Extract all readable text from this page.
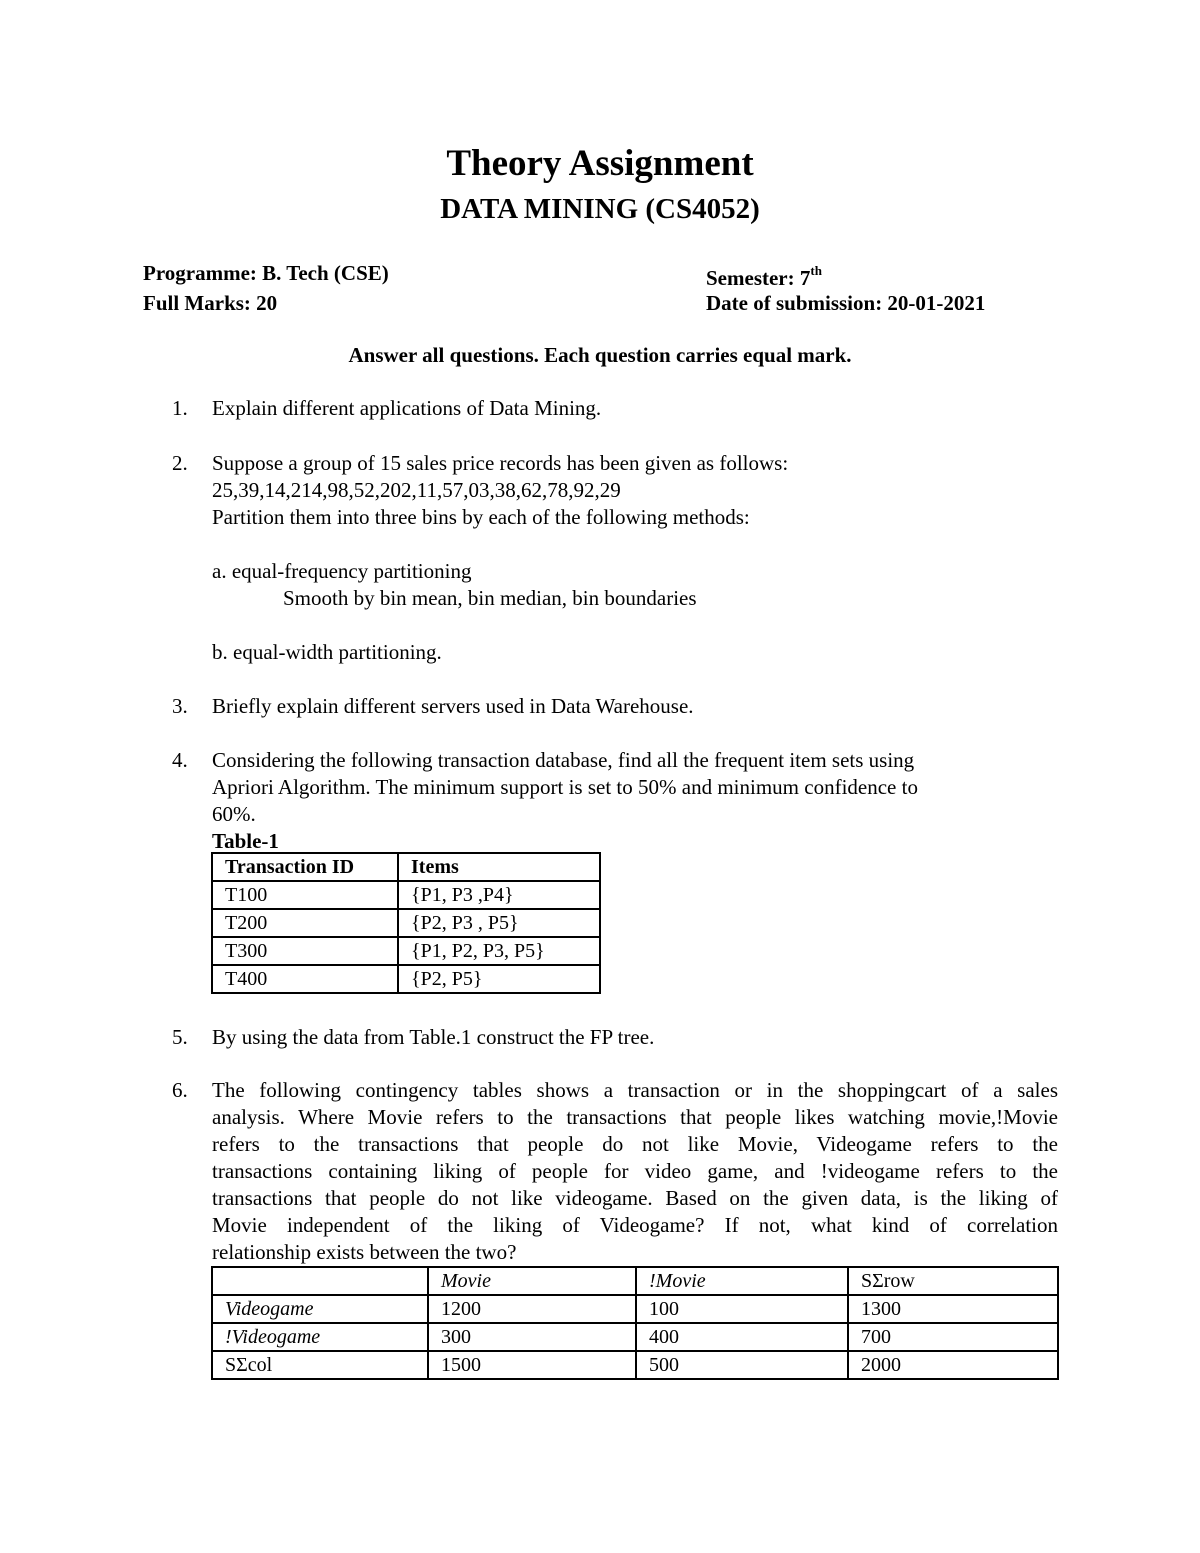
Theory Assignment
DATA MINING (CS4052)
Programme: B. Tech (CSE)
Full Marks: 20
Semester: 7th
Date of submission: 20-01-2021
Answer all questions. Each question carries equal mark.
1. Explain different applications of Data Mining.
2. Suppose a group of 15 sales price records has been given as follows:
25,39,14,214,98,52,202,11,57,03,38,62,78,92,29
Partition them into three bins by each of the following methods:
a. equal-frequency partitioning
Smooth by bin mean, bin median, bin boundaries
b. equal-width partitioning.
3. Briefly explain different servers used in Data Warehouse.
4. Considering the following transaction database, find all the frequent item sets using
Apriori Algorithm. The minimum support is set to 50% and minimum confidence to
60%.
Table-1
Transaction ID	Items
T100	{P1, P3 ,P4}
T200	{P2, P3 , P5}
T300	{P1, P2, P3, P5}
T400	{P2, P5}
5. By using the data from Table.1 construct the FP tree.
6. The following contingency tables shows a transaction or in the shoppingcart of a sales
analysis. Where Movie refers to the transactions that people likes watching movie,!Movie
refers to the transactions that people do not like Movie, Videogame refers to the
transactions containing liking of people for video game, and !videogame refers to the
transactions that people do not like videogame. Based on the given data, is the liking of
Movie independent of the liking of Videogame? If not, what kind of correlation
relationship exists between the two?
	Movie	!Movie	SΣrow
Videogame	1200	100	1300
!Videogame	300	400	700
SΣcol	1500	500	2000
